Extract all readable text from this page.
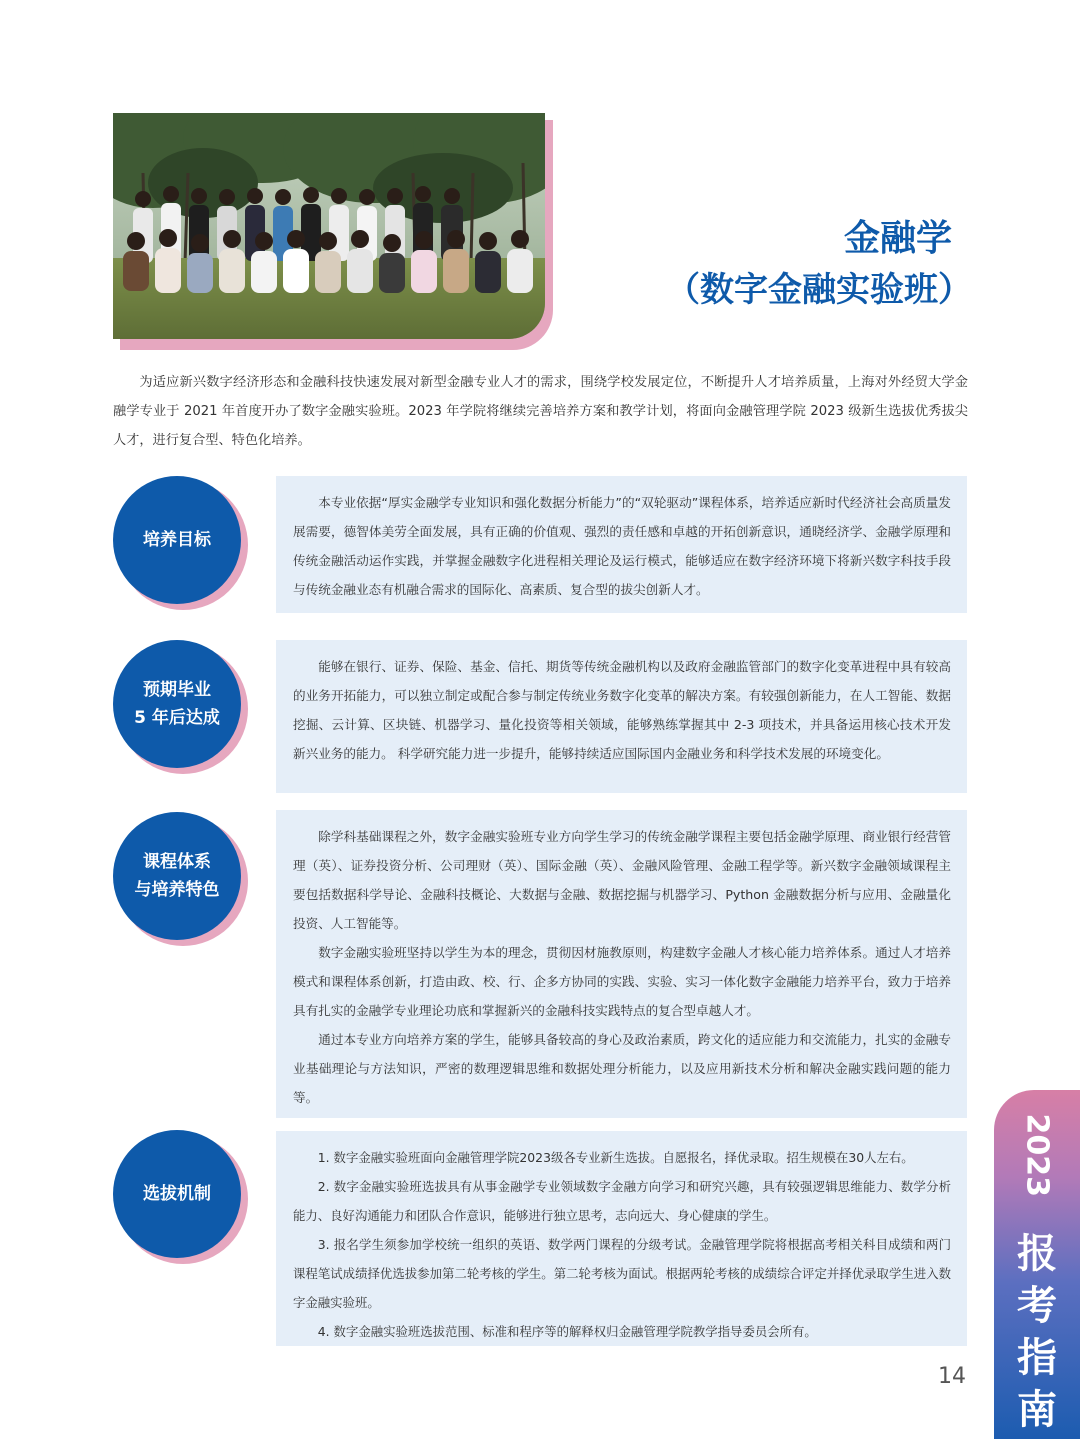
金融学
（数字金融实验班）

为适应新兴数字经济形态和金融科技快速发展对新型金融专业人才的需求，围绕学校发展定位，不断提升人才培养质量，上海对外经贸大学金融学专业于 2021 年首度开办了数字金融实验班。2023 年学院将继续完善培养方案和教学计划，将面向金融管理学院 2023 级新生选拔优秀拔尖人才，进行复合型、特色化培养。

培养目标

本专业依据“厚实金融学专业知识和强化数据分析能力”的“双轮驱动”课程体系，培养适应新时代经济社会高质量发展需要，德智体美劳全面发展，具有正确的价值观、强烈的责任感和卓越的开拓创新意识，通晓经济学、金融学原理和传统金融活动运作实践，并掌握金融数字化进程相关理论及运行模式，能够适应在数字经济环境下将新兴数字科技手段与传统金融业态有机融合需求的国际化、高素质、复合型的拔尖创新人才。

预期毕业
5 年后达成

能够在银行、证券、保险、基金、信托、期货等传统金融机构以及政府金融监管部门的数字化变革进程中具有较高的业务开拓能力，可以独立制定或配合参与制定传统业务数字化变革的解决方案。有较强创新能力，在人工智能、数据挖掘、云计算、区块链、机器学习、量化投资等相关领域，能够熟练掌握其中 2-3 项技术，并具备运用核心技术开发新兴业务的能力。 科学研究能力进一步提升，能够持续适应国际国内金融业务和科学技术发展的环境变化。

课程体系
与培养特色

除学科基础课程之外，数字金融实验班专业方向学生学习的传统金融学课程主要包括金融学原理、商业银行经营管理（英）、证券投资分析、公司理财（英）、国际金融（英）、金融风险管理、金融工程学等。新兴数字金融领域课程主要包括数据科学导论、金融科技概论、大数据与金融、数据挖掘与机器学习、Python 金融数据分析与应用、金融量化投资、人工智能等。

数字金融实验班坚持以学生为本的理念，贯彻因材施教原则，构建数字金融人才核心能力培养体系。通过人才培养模式和课程体系创新，打造由政、校、行、企多方协同的实践、实验、实习一体化数字金融能力培养平台，致力于培养具有扎实的金融学专业理论功底和掌握新兴的金融科技实践特点的复合型卓越人才。

通过本专业方向培养方案的学生，能够具备较高的身心及政治素质，跨文化的适应能力和交流能力，扎实的金融专业基础理论与方法知识，严密的数理逻辑思维和数据处理分析能力，以及应用新技术分析和解决金融实践问题的能力等。

选拔机制

1. 数字金融实验班面向金融管理学院2023级各专业新生选拔。自愿报名，择优录取。招生规模在30人左右。

2. 数字金融实验班选拔具有从事金融学专业领域数字金融方向学习和研究兴趣，具有较强逻辑思维能力、数学分析能力、良好沟通能力和团队合作意识，能够进行独立思考，志向远大、身心健康的学生。

3. 报名学生须参加学校统一组织的英语、数学两门课程的分级考试。金融管理学院将根据高考相关科目成绩和两门课程笔试成绩择优选拔参加第二轮考核的学生。第二轮考核为面试。根据两轮考核的成绩综合评定并择优录取学生进入数字金融实验班。

4. 数字金融实验班选拔范围、标准和程序等的解释权归金融管理学院教学指导委员会所有。

2023
报
考
指
南
14
